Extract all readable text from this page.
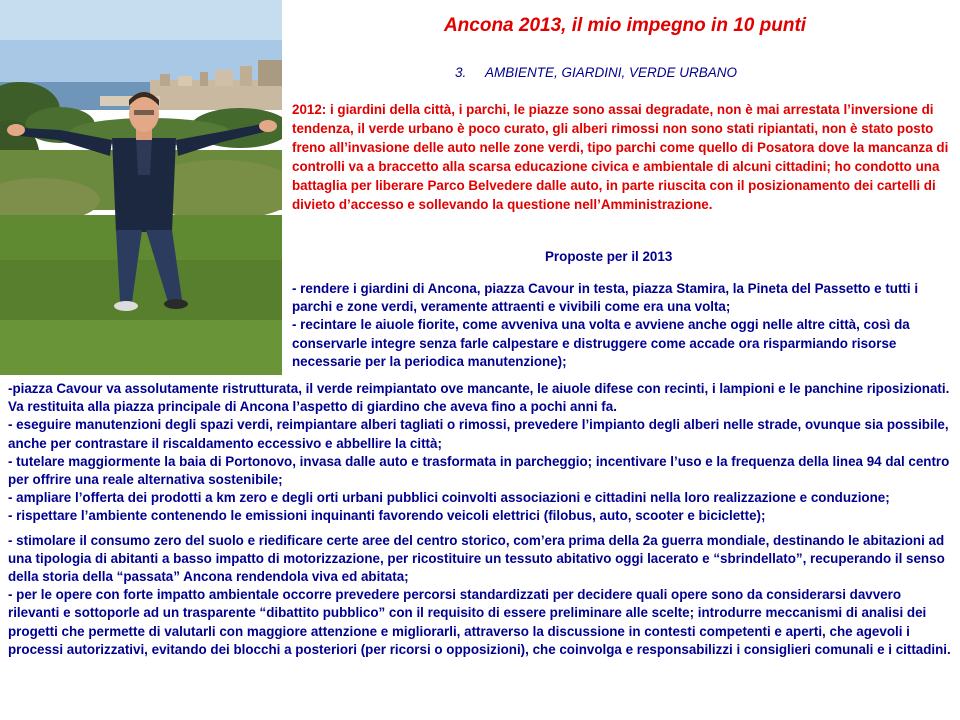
Ancona 2013, il mio impegno in 10 punti
3. AMBIENTE, GIARDINI, VERDE URBANO

2012: i giardini della città, i parchi, le piazze sono assai degradate, non è mai arrestata l’inversione di tendenza, il verde urbano è poco curato, gli alberi rimossi non sono stati ripiantati, non è stato posto freno all’invasione delle auto nelle zone verdi, tipo parchi come quello di Posatora dove la mancanza di controlli va a braccetto alla scarsa educazione civica e ambientale di alcuni cittadini; ho condotto una battaglia per liberare Parco Belvedere dalle auto, in parte riuscita con il posizionamento dei cartelli di divieto d’accesso e sollevando la questione nell’Amministrazione.

Proposte per il 2013
- rendere i giardini di Ancona, piazza Cavour in testa, piazza Stamira, la Pineta del Passetto e tutti i parchi e zone verdi, veramente attraenti e vivibili come era una volta;
- recintare le aiuole fiorite, come avveniva una volta e avviene anche oggi nelle altre città, così da conservarle integre senza farle calpestare e distruggere come accade ora risparmiando risorse necessarie per la periodica manutenzione);
-piazza Cavour va assolutamente ristrutturata, il verde reimpiantato ove mancante, le aiuole difese con recinti, i lampioni e le panchine riposizionati. Va restituita alla piazza principale di Ancona l’aspetto di giardino che aveva fino a pochi anni fa.
- eseguire manutenzioni degli spazi verdi, reimpiantare alberi tagliati o rimossi, prevedere l’impianto degli alberi nelle strade, ovunque sia possibile, anche per contrastare il riscaldamento eccessivo e abbellire la città;
- tutelare maggiormente la baia di Portonovo, invasa dalle auto e trasformata in parcheggio; incentivare l’uso e la frequenza della linea 94 dal centro per offrire una reale alternativa sostenibile;
- ampliare l’offerta dei prodotti a km zero e degli orti urbani pubblici coinvolti associazioni e cittadini nella loro realizzazione e conduzione;
- rispettare l’ambiente contenendo le emissioni inquinanti favorendo veicoli elettrici (filobus, auto, scooter e biciclette);
- stimolare il consumo zero del suolo e riedificare certe aree del centro storico, com’era prima della 2a guerra mondiale, destinando le abitazioni ad una tipologia di abitanti a basso impatto di motorizzazione, per ricostituire un tessuto abitativo oggi lacerato e “sbrindellato”, recuperando il senso della storia della “passata” Ancona rendendola viva ed abitata;
- per le opere con forte impatto ambientale occorre prevedere percorsi standardizzati per decidere quali opere sono da considerarsi davvero rilevanti e sottoporle ad un trasparente “dibattito pubblico” con il requisito di essere preliminare alle scelte; introdurre meccanismi di analisi dei progetti che permette di valutarli con maggiore attenzione e migliorarli, attraverso la discussione in contesti competenti e aperti, che agevoli i processi autorizzativi, evitando dei blocchi a posteriori (per ricorsi o opposizioni), che coinvolga e responsabilizzi i consiglieri comunali e i cittadini.
